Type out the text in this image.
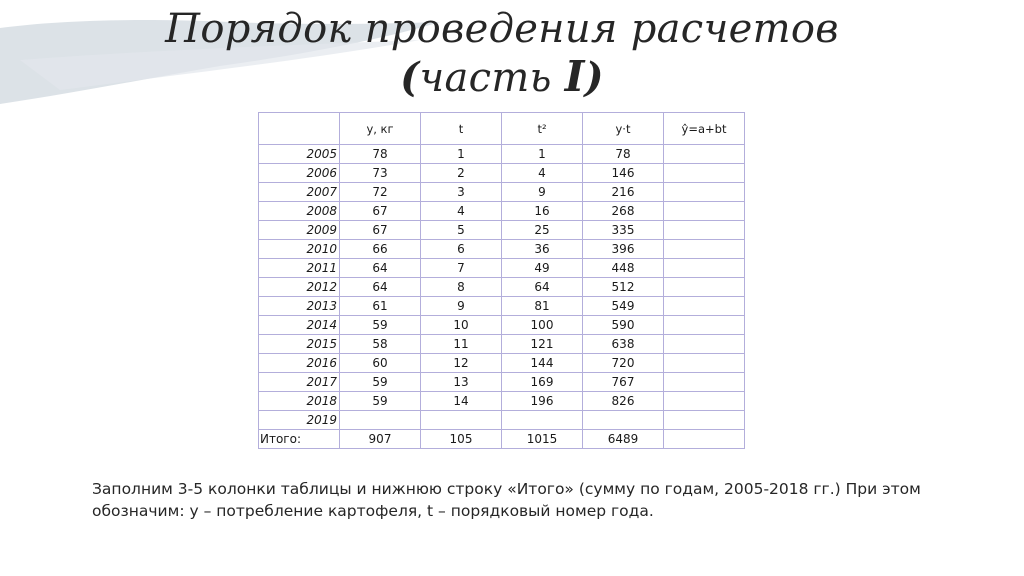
Порядок проведения расчетов
(часть I)
	у, кг	t	t²	у·t	ŷ=a+bt
2005	78	1	1	78	
2006	73	2	4	146	
2007	72	3	9	216	
2008	67	4	16	268	
2009	67	5	25	335	
2010	66	6	36	396	
2011	64	7	49	448	
2012	64	8	64	512	
2013	61	9	81	549	
2014	59	10	100	590	
2015	58	11	121	638	
2016	60	12	144	720	
2017	59	13	169	767	
2018	59	14	196	826	
2019					
Итого:	907	105	1015	6489	
Заполним 3-5 колонки таблицы и нижнюю строку «Итого» (сумму по годам, 2005-2018 гг.) При этом обозначим: у – потребление картофеля, t – порядковый номер года.
